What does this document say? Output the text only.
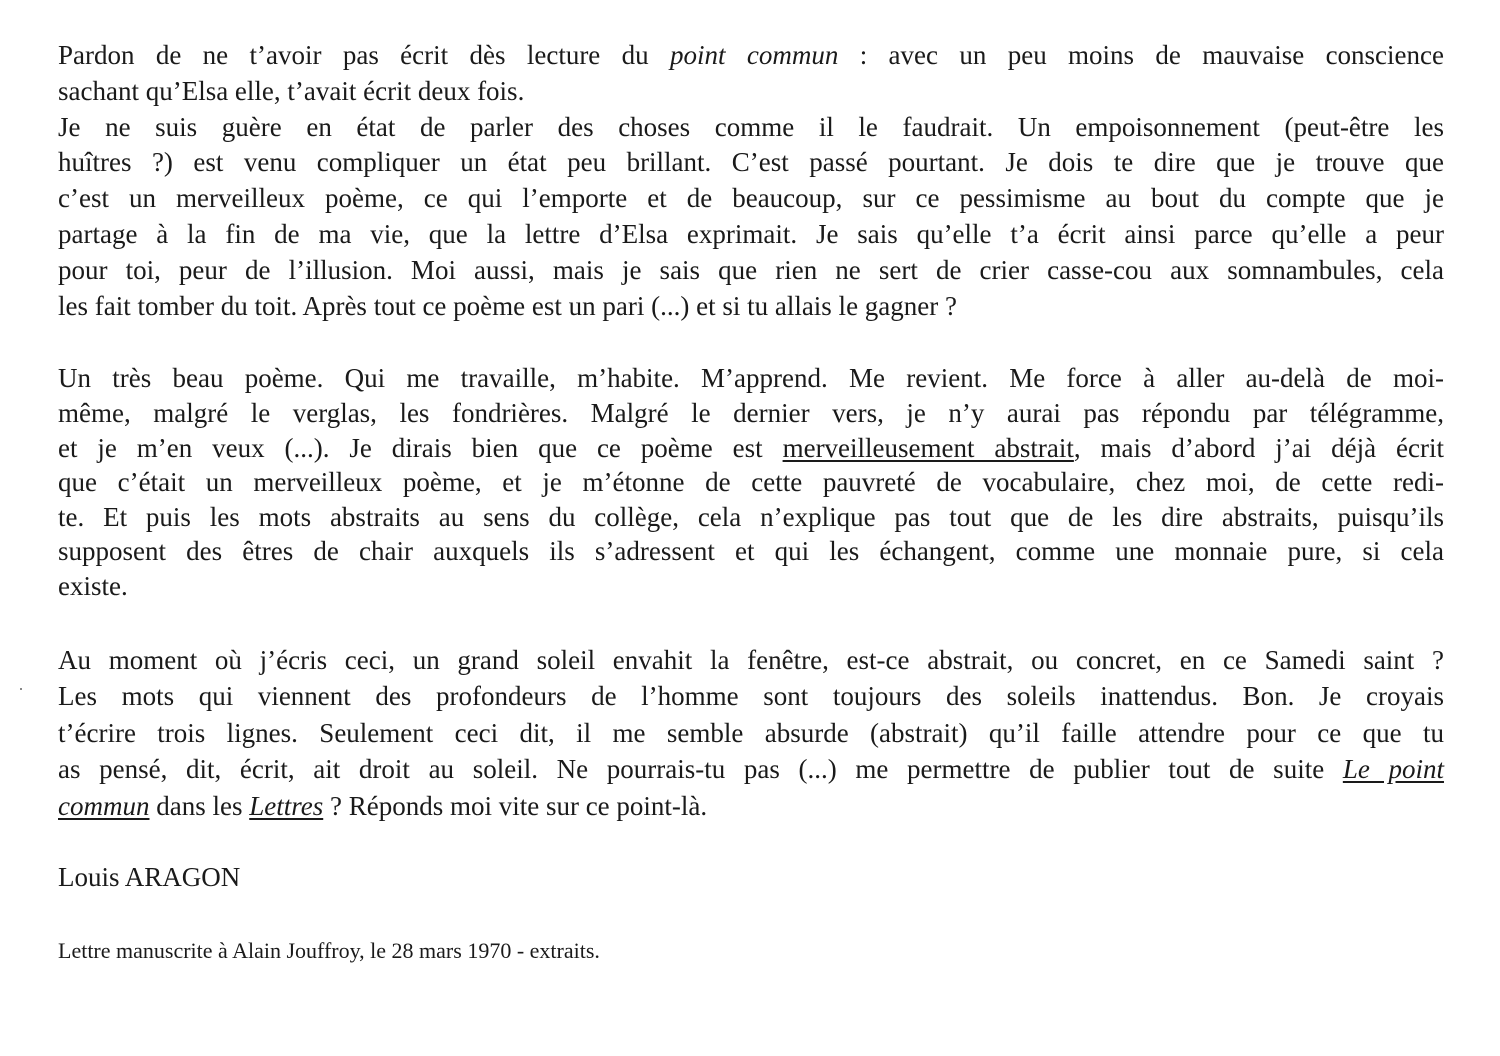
Pardon de ne t’avoir pas écrit dès lecture du point commun : avec un peu moins de mauvaise conscience
sachant qu’Elsa elle, t’avait écrit deux fois.
Je ne suis guère en état de parler des choses comme il le faudrait. Un empoisonnement (peut-être les
huîtres ?) est venu compliquer un état peu brillant. C’est passé pourtant. Je dois te dire que je trouve que
c’est un merveilleux poème, ce qui l’emporte et de beaucoup, sur ce pessimisme au bout du compte que je
partage à la fin de ma vie, que la lettre d’Elsa exprimait. Je sais qu’elle t’a écrit ainsi parce qu’elle a peur
pour toi, peur de l’illusion. Moi aussi, mais je sais que rien ne sert de crier casse-cou aux somnambules, cela
les fait tomber du toit. Après tout ce poème est un pari (...) et si tu allais le gagner ?

Un très beau poème. Qui me travaille, m’habite. M’apprend. Me revient. Me force à aller au-delà de moi-
même, malgré le verglas, les fondrières. Malgré le dernier vers, je n’y aurai pas répondu par télégramme,
et je m’en veux (...). Je dirais bien que ce poème est merveilleusement abstrait, mais d’abord j’ai déjà écrit
que c’était un merveilleux poème, et je m’étonne de cette pauvreté de vocabulaire, chez moi, de cette redi-
te. Et puis les mots abstraits au sens du collège, cela n’explique pas tout que de les dire abstraits, puisqu’ils
supposent des êtres de chair auxquels ils s’adressent et qui les échangent, comme une monnaie pure, si cela
existe.

Au moment où j’écris ceci, un grand soleil envahit la fenêtre, est-ce abstrait, ou concret, en ce Samedi saint ?
Les mots qui viennent des profondeurs de l’homme sont toujours des soleils inattendus. Bon. Je croyais
t’écrire trois lignes. Seulement ceci dit, il me semble absurde (abstrait) qu’il faille attendre pour ce que tu
as pensé, dit, écrit, ait droit au soleil. Ne pourrais-tu pas (...) me permettre de publier tout de suite Le point
commun dans les Lettres ? Réponds moi vite sur ce point-là.

Louis ARAGON
Lettre manuscrite à Alain Jouffroy, le 28 mars 1970 - extraits.
